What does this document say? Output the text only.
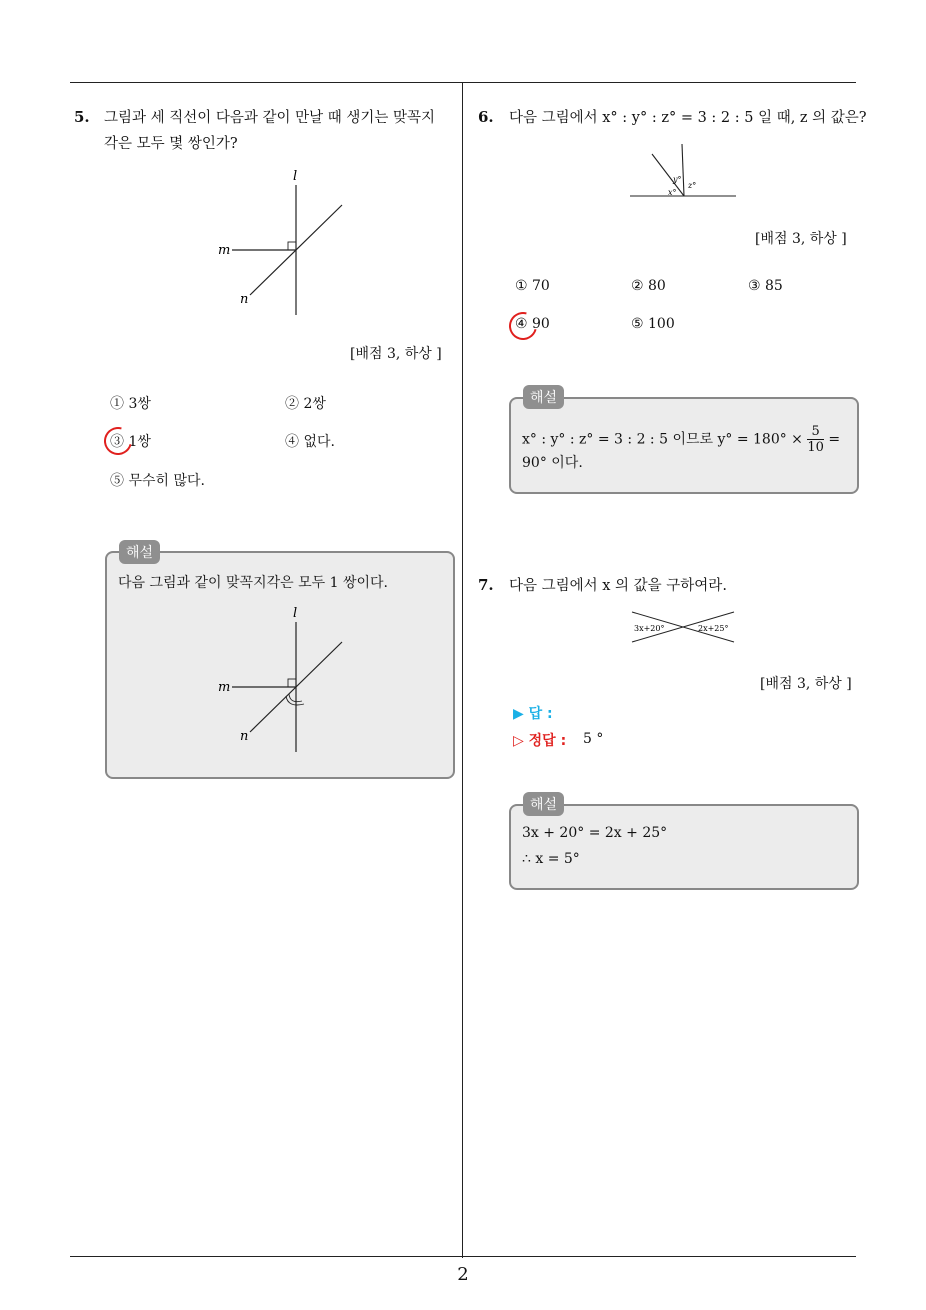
5. 그림과 세 직선이 다음과 같이 만날 때 생기는 맞꼭지
각은 모두 몇 쌍인가?
l
m
n
[배점 3, 하상 ]
① 3쌍	② 2쌍
③ 1쌍	④ 없다.
⑤ 무수히 많다.
해설
다음 그림과 같이 맞꼭지각은 모두 1 쌍이다.
l
m
n
6. 다음 그림에서 x° : y° : z° = 3 : 2 : 5 일 때, z 의 값은?
x°
y°
z°
[배점 3, 하상 ]
① 70	② 80	③ 85
④ 90	⑤ 100
해설
x° : y° : z° = 3 : 2 : 5 이므로 $y^\circ = 180^\circ \times \frac{5}{10}$ =
90° 이다.
7. 다음 그림에서 x 의 값을 구하여라.
3x+20°	2x+25°
[배점 3, 하상 ]
▶ 답 :
▷ 정답 : 5 °
해설
3x + 20° = 2x + 25°
∴ x = 5°
2
